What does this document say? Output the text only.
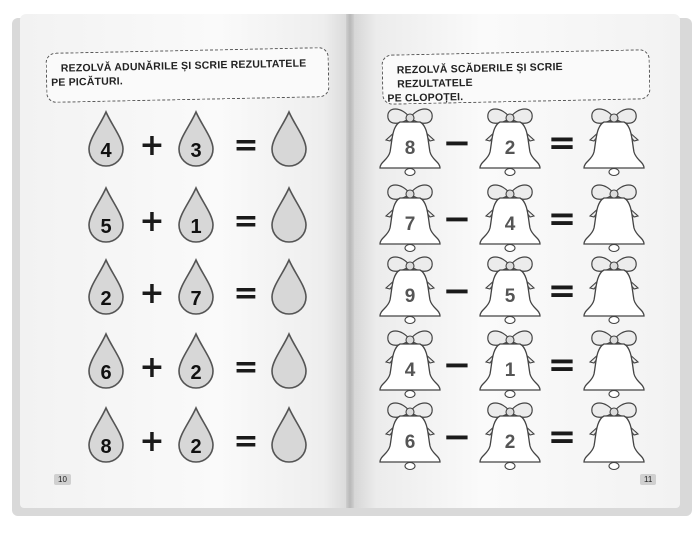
REZOLVĂ ADUNĂRILE ȘI SCRIE REZULTATELE
PE PICĂTURI.
REZOLVĂ SCĂDERILE ȘI SCRIE REZULTATELE
PE CLOPOȚEI.
4 + 3 =
5 + 1 =
2 + 7 =
6 + 2 =
8 + 2 =
8 − 2 =
7 − 4 =
9 − 5 =
4 − 1 =
6 − 2 =
10	11
